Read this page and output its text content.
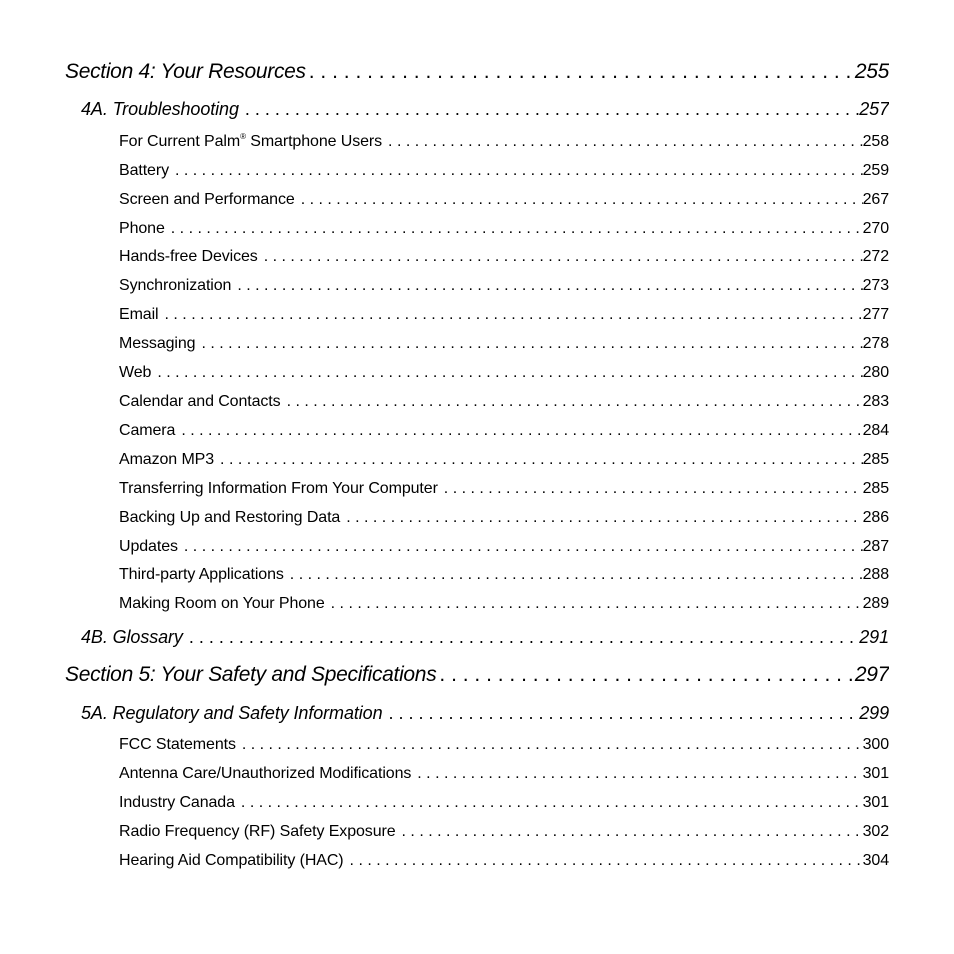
Section 4: Your Resources . . .	255
4A. Troubleshooting . . .	257
For Current Palm® Smartphone Users . . .	258
Battery . . .	259
Screen and Performance . . .	267
Phone . . .	270
Hands-free Devices . . .	272
Synchronization . . .	273
Email . . .	277
Messaging . . .	278
Web . . .	280
Calendar and Contacts . . .	283
Camera . . .	284
Amazon MP3 . . .	285
Transferring Information From Your Computer . . .	285
Backing Up and Restoring Data . . .	286
Updates . . .	287
Third-party Applications . . .	288
Making Room on Your Phone . . .	289
4B. Glossary . . .	291
Section 5: Your Safety and Specifications . . .	297
5A. Regulatory and Safety Information . . .	299
FCC Statements . . .	300
Antenna Care/Unauthorized Modifications . . .	301
Industry Canada . . .	301
Radio Frequency (RF) Safety Exposure . . .	302
Hearing Aid Compatibility (HAC) . . .	304
